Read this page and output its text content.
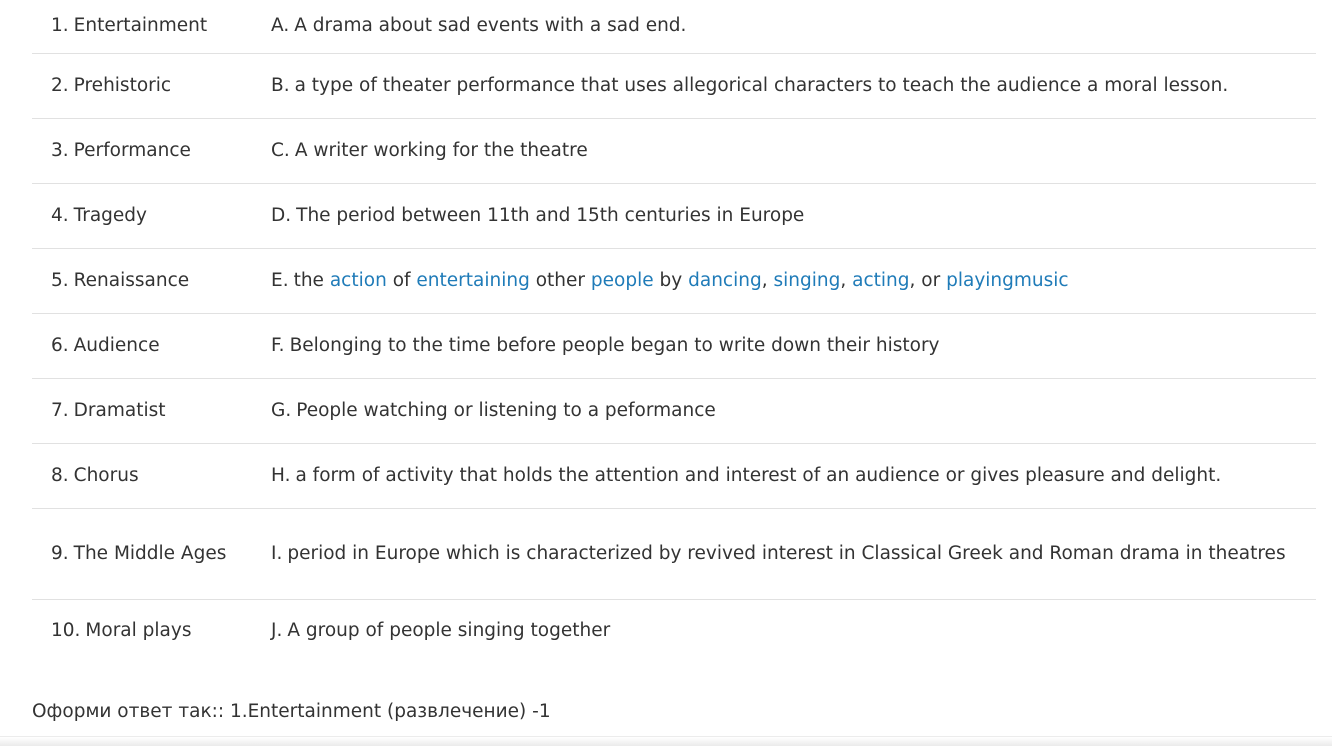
1. Entertainment	A. A drama about sad events with a sad end.
2. Prehistoric	B. a type of theater performance that uses allegorical characters to teach the audience a moral lesson.
3. Performance	C. A writer working for the theatre
4. Tragedy	D. The period between 11th and 15th centuries in Europe
5. Renaissance	E. the action of entertaining other people by dancing, singing, acting, or playingmusic
6. Audience	F. Belonging to the time before people began to write down their history
7. Dramatist	G. People watching or listening to a peformance
8. Chorus	H. a form of activity that holds the attention and interest of an audience or gives pleasure and delight.
9. The Middle Ages	I. period in Europe which is characterized by revived interest in Classical Greek and Roman drama in theatres
10. Moral plays	J. A group of people singing together
Оформи ответ так:: 1.Entertainment (развлечение) -1
